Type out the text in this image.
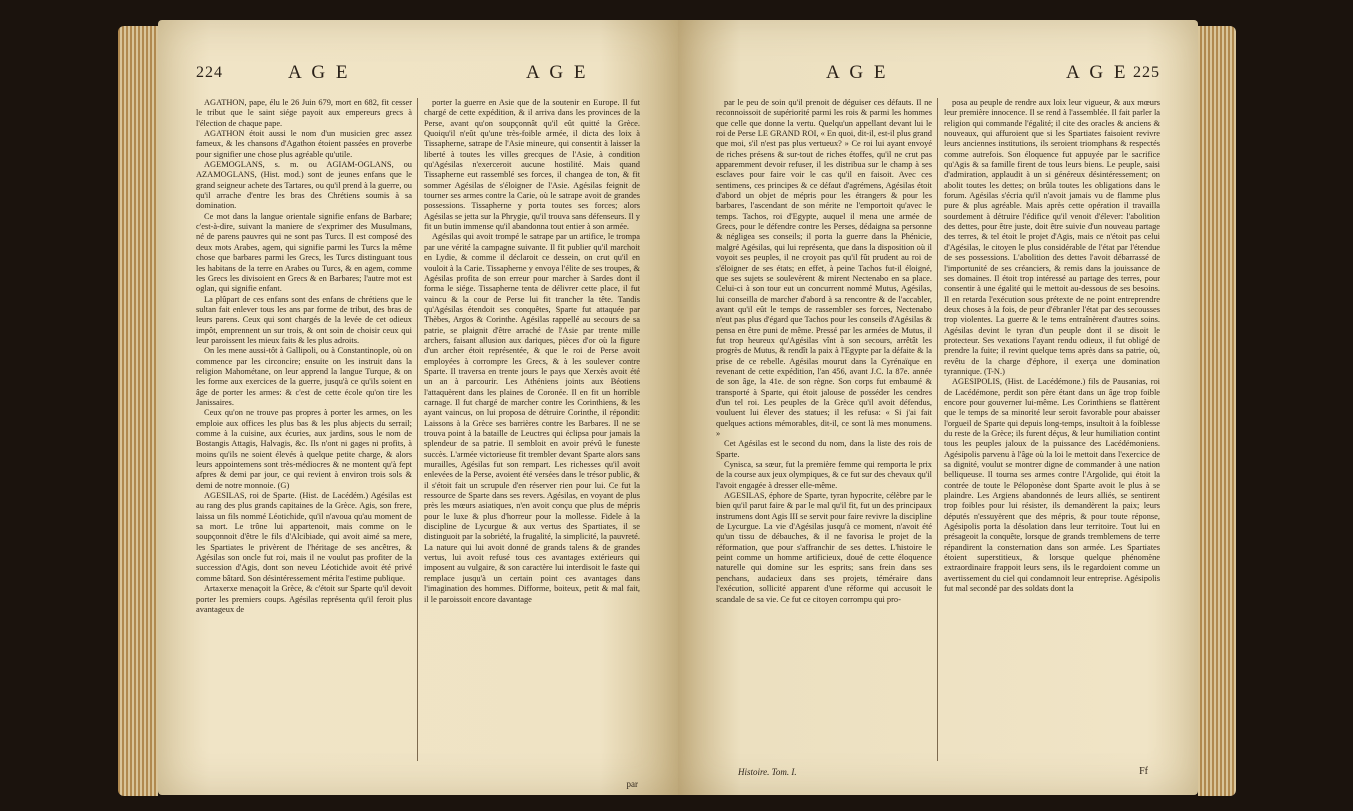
224	A G E	A G E

AGATHON, pape, élu le 26 Juin 679, mort en 682, fit cesser le tribut que le saint siége payoit aux empereurs grecs à l'élection de chaque pape.

AGATHON étoit aussi le nom d'un musicien grec assez fameux, & les chansons d'Agathon étoient passées en proverbe pour signifier une chose plus agréable qu'utile.

AGEMOGLANS, s. m. ou AGIAM-OGLANS, ou AZAMOGLANS, (Hist. mod.) sont de jeunes enfans que le grand seigneur achete des Tartares, ou qu'il prend à la guerre, ou qu'il arrache d'entre les bras des Chrétiens soumis à sa domination.

Ce mot dans la langue orientale signifie enfans de Barbare; c'est-à-dire, suivant la maniere de s'exprimer des Musulmans, né de parens pauvres qui ne sont pas Turcs. Il est composé des deux mots Arabes, agem, qui signifie parmi les Turcs la même chose que barbares parmi les Grecs, les Turcs distinguant tous les habitans de la terre en Arabes ou Turcs, & en agem, comme les Grecs les divisoient en Grecs & en Barbares; l'autre mot est oglan, qui signifie enfant.

La plûpart de ces enfans sont des enfans de chrétiens que le sultan fait enlever tous les ans par forme de tribut, des bras de leurs parens. Ceux qui sont chargés de la levée de cet odieux impôt, emprennent un sur trois, & ont soin de choisir ceux qui leur paroissent les mieux faits & les plus adroits.

On les mene aussi-tôt à Gallipoli, ou à Constantinople, où on commence par les circoncire; ensuite on les instruit dans la religion Mahométane, on leur apprend la langue Turque, & on les forme aux exercices de la guerre, jusqu'à ce qu'ils soient en âge de porter les armes: & c'est de cette école qu'on tire les Janissaires.

Ceux qu'on ne trouve pas propres à porter les armes, on les emploie aux offices les plus bas & les plus abjects du serrail; comme à la cuisine, aux écuries, aux jardins, sous le nom de Bostangis Attagis, Halvagis, &c. Ils n'ont ni gages ni profits, à moins qu'ils ne soient élevés à quelque petite charge, & alors leurs appointemens sont très-médiocres & ne montent qu'à fept afpres & demi par jour, ce qui revient à environ trois sols & demi de notre monnoie. (G)

AGESILAS, roi de Sparte. (Hist. de Lacédém.) Agésilas est au rang des plus grands capitaines de la Grèce. Agis, son frere, laissa un fils nommé Léotichide, qu'il n'avoua qu'au moment de sa mort. Le trône lui appartenoit, mais comme on le soupçonnoit d'être le fils d'Alcibiade, qui avoit aimé sa mere, les Spartiates le privèrent de l'héritage de ses ancêtres, & Agésilas son oncle fut roi, mais il ne voulut pas profiter de la succession d'Agis, dont son neveu Léotichide avoit été privé comme bâtard. Son désintéressement mérita l'estime publique.

Artaxerxe menaçoit la Grèce, & c'étoit sur Sparte qu'il devoit porter les premiers coups. Agésilas représenta qu'il feroit plus avantageux de

porter la guerre en Asie que de la soutenir en Europe. Il fut chargé de cette expédition, & il arriva dans les provinces de la Perse, avant qu'on soupçonnât qu'il eût quitté la Grèce. Quoiqu'il n'eût qu'une très-foible armée, il dicta des loix à Tissapherne, satrape de l'Asie mineure, qui consentit à laisser la liberté à toutes les villes grecques de l'Asie, à condition qu'Agésilas n'exerceroit aucune hostilité. Mais quand Tissapherne eut rassemblé ses forces, il changea de ton, & fit sommer Agésilas de s'éloigner de l'Asie. Agésilas feignit de tourner ses armes contre la Carie, où le satrape avoit de grandes possessions. Tissapherne y porta toutes ses forces; alors Agésilas se jetta sur la Phrygie, qu'il trouva sans défenseurs. Il y fit un butin immense qu'il abandonna tout entier à son armée.

Agésilas qui avoit trompé le satrape par un artifice, le trompa par une vérité la campagne suivante. Il fit publier qu'il marchoit en Lydie, & comme il déclaroit ce dessein, on crut qu'il en vouloit à la Carie. Tissapherne y envoya l'élite de ses troupes, & Agésilas profita de son erreur pour marcher à Sardes dont il forma le siége. Tissapherne tenta de délivrer cette place, il fut vaincu & la cour de Perse lui fit trancher la tête. Tandis qu'Agésilas étendoit ses conquêtes, Sparte fut attaquée par Thèbes, Argos & Corinthe. Agésilas rappellé au secours de sa patrie, se plaignit d'être arraché de l'Asie par trente mille archers, faisant allusion aux dariques, pièces d'or où la figure d'un archer étoit représentée, & que le roi de Perse avoit employées à corrompre les Grecs, & à les soulever contre Sparte. Il traversa en trente jours le pays que Xerxès avoit été un an à parcourir. Les Athéniens joints aux Béotiens l'attaquèrent dans les plaines de Coronée. Il en fit un horrible carnage. Il fut chargé de marcher contre les Corinthiens, & les ayant vaincus, on lui proposa de détruire Corinthe, il répondit: Laissons à la Grèce ses barrières contre les Barbares. Il ne se trouva point à la bataille de Leuctres qui éclipsa pour jamais la splendeur de sa patrie. Il sembloit en avoir prévû le funeste succès. L'armée victorieuse fit trembler devant Sparte alors sans murailles, Agésilas fut son rempart. Les richesses qu'il avoit enlevées de la Perse, avoient été versées dans le trésor public, & il s'étoit fait un scrupule d'en réserver rien pour lui. Ce fut la ressource de Sparte dans ses revers. Agésilas, en voyant de plus près les mœurs asiatiques, n'en avoit conçu que plus de mépris pour le luxe & plus d'horreur pour la mollesse. Fidele à la discipline de Lycurgue & aux vertus des Spartiates, il se distinguoit par la sobriété, la frugalité, la simplicité, la pauvreté. La nature qui lui avoit donné de grands talens & de grandes vertus, lui avoit refusé tous ces avantages extérieurs qui imposent au vulgaire, & son caractère lui interdisoit le faste qui remplace jusqu'à un certain point ces avantages dans l'imagination des hommes. Difforme, boiteux, petit & mal fait, il le paroissoit encore davantage

par
A G E	A G E 225

par le peu de soin qu'il prenoit de déguiser ces défauts. Il ne reconnoissoit de supériorité parmi les rois & parmi les hommes que celle que donne la vertu. Quelqu'un appellant devant lui le roi de Perse LE GRAND ROI, « En quoi, dit-il, est-il plus grand que moi, s'il n'est pas plus vertueux? » Ce roi lui ayant envoyé de riches présens & sur-tout de riches étoffes, qu'il ne crut pas apparemment devoir refuser, il les distribua sur le champ à ses esclaves pour faire voir le cas qu'il en faisoit. Avec ces sentimens, ces principes & ce défaut d'agrémens, Agésilas étoit d'abord un objet de mépris pour les étrangers & pour les barbares, l'ascendant de son mérite ne l'emportoit qu'avec le temps. Tachos, roi d'Egypte, auquel il mena une armée de Grecs, pour le défendre contre les Perses, dédaigna sa personne & négligea ses conseils; il porta la guerre dans la Phénicie, malgré Agésilas, qui lui représenta, que dans la disposition où il voyoit ses peuples, il ne croyoit pas qu'il fût prudent au roi de s'éloigner de ses états; en effet, à peine Tachos fut-il éloigné, que ses sujets se soulevèrent & mirent Nectenabo en sa place. Celui-ci à son tour eut un concurrent nommé Mutus, Agésilas, lui conseilla de marcher d'abord à sa rencontre & de l'accabler, avant qu'il eût le temps de rassembler ses forces, Nectenabo n'eut pas plus d'égard que Tachos pour les conseils d'Agésilas & pensa en être puni de même. Pressé par les armées de Mutus, il fut trop heureux qu'Agésilas vînt à son secours, arrêtât les progrès de Mutus, & rendît la paix à l'Egypte par la défaite & la prise de ce rebelle. Agésilas mourut dans la Cyrénaïque en revenant de cette expédition, l'an 456, avant J.C. la 87e. année de son âge, la 41e. de son règne. Son corps fut embaumé & transporté à Sparte, qui étoit jalouse de posséder les cendres d'un tel roi. Les peuples de la Grèce qu'il avoit défendus, vouluent lui élever des statues; il les refusa: « Si j'ai fait quelques actions mémorables, dit-il, ce sont là mes monumens. »

Cet Agésilas est le second du nom, dans la liste des rois de Sparte.

Cynisca, sa sœur, fut la première femme qui remporta le prix de la course aux jeux olympiques, & ce fut sur des chevaux qu'il l'avoit engagée à dresser elle-même.

AGESILAS, éphore de Sparte, tyran hypocrite, célèbre par le bien qu'il parut faire & par le mal qu'il fit, fut un des principaux instrumens dont Agis III se servit pour faire revivre la discipline de Lycurgue. La vie d'Agésilas jusqu'à ce moment, n'avoit été qu'un tissu de débauches, & il ne favorisa le projet de la réformation, que pour s'affranchir de ses dettes. L'histoire le peint comme un homme artificieux, doué de cette éloquence naturelle qui domine sur les esprits; sans frein dans ses penchans, audacieux dans ses projets, téméraire dans l'exécution, sollicité apparent d'une réforme qui accusoit le scandale de sa vie. Ce fut ce citoyen corrompu qui pro-

posa au peuple de rendre aux loix leur vigueur, & aux mœurs leur première innocence. Il se rend à l'assemblée. Il fait parler la religion qui commande l'égalité; il cite des oracles & anciens & nouveaux, qui affuroient que si les Spartiates faisoient revivre leurs anciennes institutions, ils seroient triomphans & respectés comme autrefois. Son éloquence fut appuyée par le sacrifice qu'Agis & sa famille firent de tous leurs biens. Le peuple, saisi d'admiration, applaudit à un si généreux désintéressement; on abolit toutes les dettes; on brûla toutes les obligations dans le forum. Agésilas s'écria qu'il n'avoit jamais vu de flamme plus pure & plus agréable. Mais après cette opération il travailla sourdement à détruire l'édifice qu'il venoit d'élever: l'abolition des dettes, pour être juste, doit être suivie d'un nouveau partage des terres, & tel étoit le projet d'Agis, mais ce n'étoit pas celui d'Agésilas, le citoyen le plus considérable de l'état par l'étendue de ses possessions. L'abolition des dettes l'avoit débarrassé de l'importunité de ses créanciers, & remis dans la jouissance de ses domaines. Il étoit trop intéressé au partage des terres, pour consentir à une égalité qui le mettoit au-dessous de ses besoins. Il en retarda l'exécution sous prétexte de ne point entreprendre deux choses à la fois, de peur d'ébranler l'état par des secousses trop violentes. La guerre & le tems entraînèrent d'autres soins. Agésilas devint le tyran d'un peuple dont il se disoit le protecteur. Ses vexations l'ayant rendu odieux, il fut obligé de prendre la fuite; il revint quelque tems après dans sa patrie, où, revêtu de la charge d'éphore, il exerça une domination tyrannique. (T-N.)

AGESIPOLIS, (Hist. de Lacédémone.) fils de Pausanias, roi de Lacédémone, perdit son père étant dans un âge trop foible encore pour gouverner lui-même. Les Corinthiens se flattèrent que le temps de sa minorité leur seroit favorable pour abaisser l'orgueil de Sparte qui depuis long-temps, insultoit à la foiblesse du reste de la Grèce; ils furent déçus, & leur humiliation contint tous les peuples jaloux de la puissance des Lacédémoniens. Agésipolis parvenu à l'âge où la loi le mettoit dans l'exercice de sa dignité, voulut se montrer digne de commander à une nation belliqueuse. Il tourna ses armes contre l'Argolide, qui étoit la contrée de toute le Péloponèse dont Sparte avoit le plus à se plaindre. Les Argiens abandonnés de leurs alliés, se sentirent trop foibles pour lui résister, ils demandèrent la paix; leurs députés n'essuyèrent que des mépris, & pour toute réponse, Agésipolis porta la désolation dans leur territoire. Tout lui en présageoit la conquête, lorsque de grands tremblemens de terre répandirent la consternation dans son armée. Les Spartiates étoient superstitieux, & lorsque quelque phénomène extraordinaire frappoit leurs sens, ils le regardoient comme un avertissement du ciel qui condamnoit leur entreprise. Agésipolis fut mal secondé par des soldats dont la

Histoire. Tom. I.	Ff
